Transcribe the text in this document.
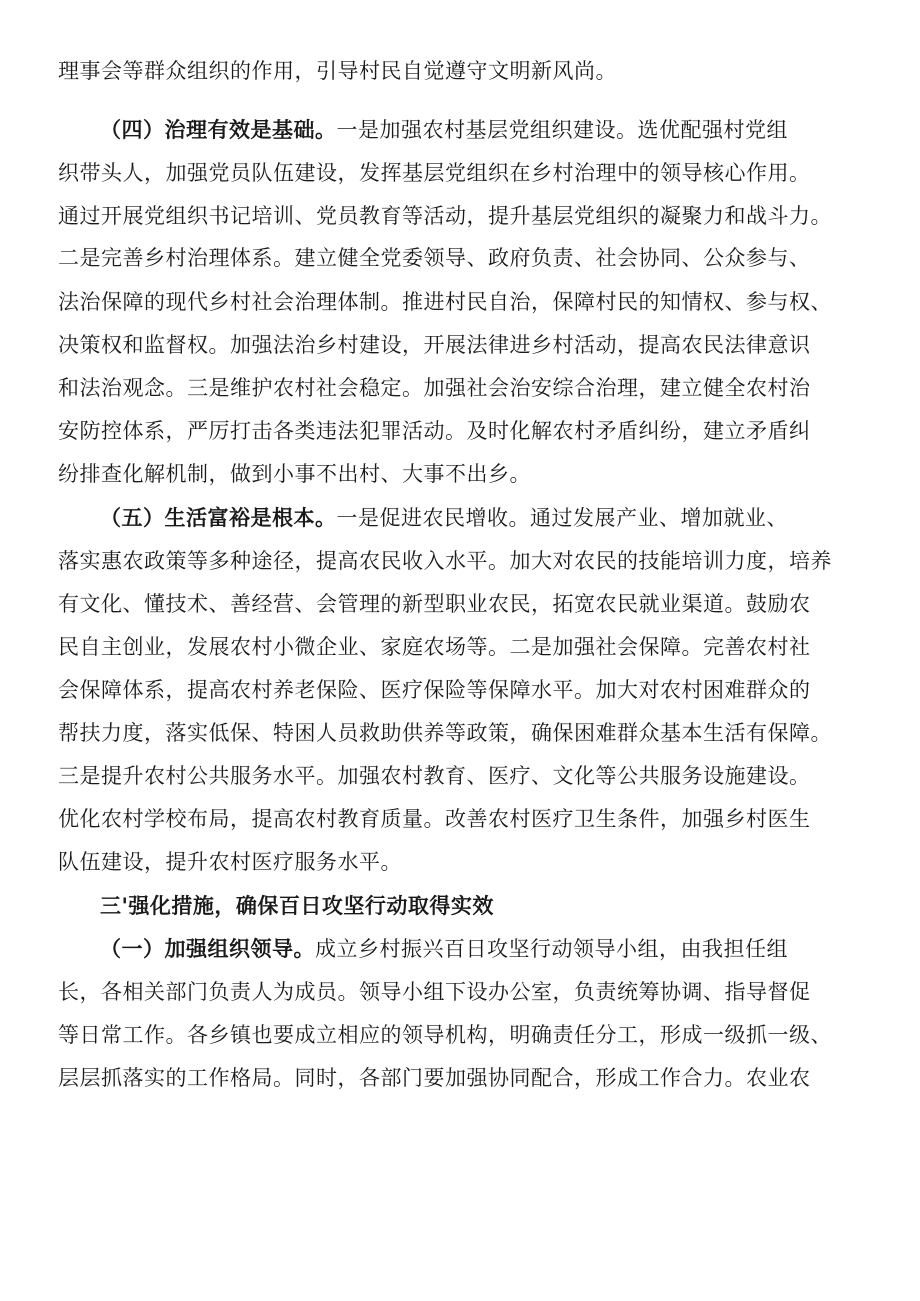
理事会等群众组织的作用，引导村民自觉遵守文明新风尚。
（四）治理有效是基础。一是加强农村基层党组织建设。选优配强村党组
织带头人，加强党员队伍建设，发挥基层党组织在乡村治理中的领导核心作用。
通过开展党组织书记培训、党员教育等活动，提升基层党组织的凝聚力和战斗力。
二是完善乡村治理体系。建立健全党委领导、政府负责、社会协同、公众参与、
法治保障的现代乡村社会治理体制。推进村民自治，保障村民的知情权、参与权、
决策权和监督权。加强法治乡村建设，开展法律进乡村活动，提高农民法律意识
和法治观念。三是维护农村社会稳定。加强社会治安综合治理，建立健全农村治
安防控体系，严厉打击各类违法犯罪活动。及时化解农村矛盾纠纷，建立矛盾纠
纷排查化解机制，做到小事不出村、大事不出乡。
（五）生活富裕是根本。一是促进农民增收。通过发展产业、增加就业、
落实惠农政策等多种途径，提高农民收入水平。加大对农民的技能培训力度，培养
有文化、懂技术、善经营、会管理的新型职业农民，拓宽农民就业渠道。鼓励农
民自主创业，发展农村小微企业、家庭农场等。二是加强社会保障。完善农村社
会保障体系，提高农村养老保险、医疗保险等保障水平。加大对农村困难群众的
帮扶力度，落实低保、特困人员救助供养等政策，确保困难群众基本生活有保障。
三是提升农村公共服务水平。加强农村教育、医疗、文化等公共服务设施建设。
优化农村学校布局，提高农村教育质量。改善农村医疗卫生条件，加强乡村医生
队伍建设，提升农村医疗服务水平。
三'强化措施，确保百日攻坚行动取得实效
（一）加强组织领导。成立乡村振兴百日攻坚行动领导小组，由我担任组
长，各相关部门负责人为成员。领导小组下设办公室，负责统筹协调、指导督促
等日常工作。各乡镇也要成立相应的领导机构，明确责任分工，形成一级抓一级、
层层抓落实的工作格局。同时，各部门要加强协同配合，形成工作合力。农业农
